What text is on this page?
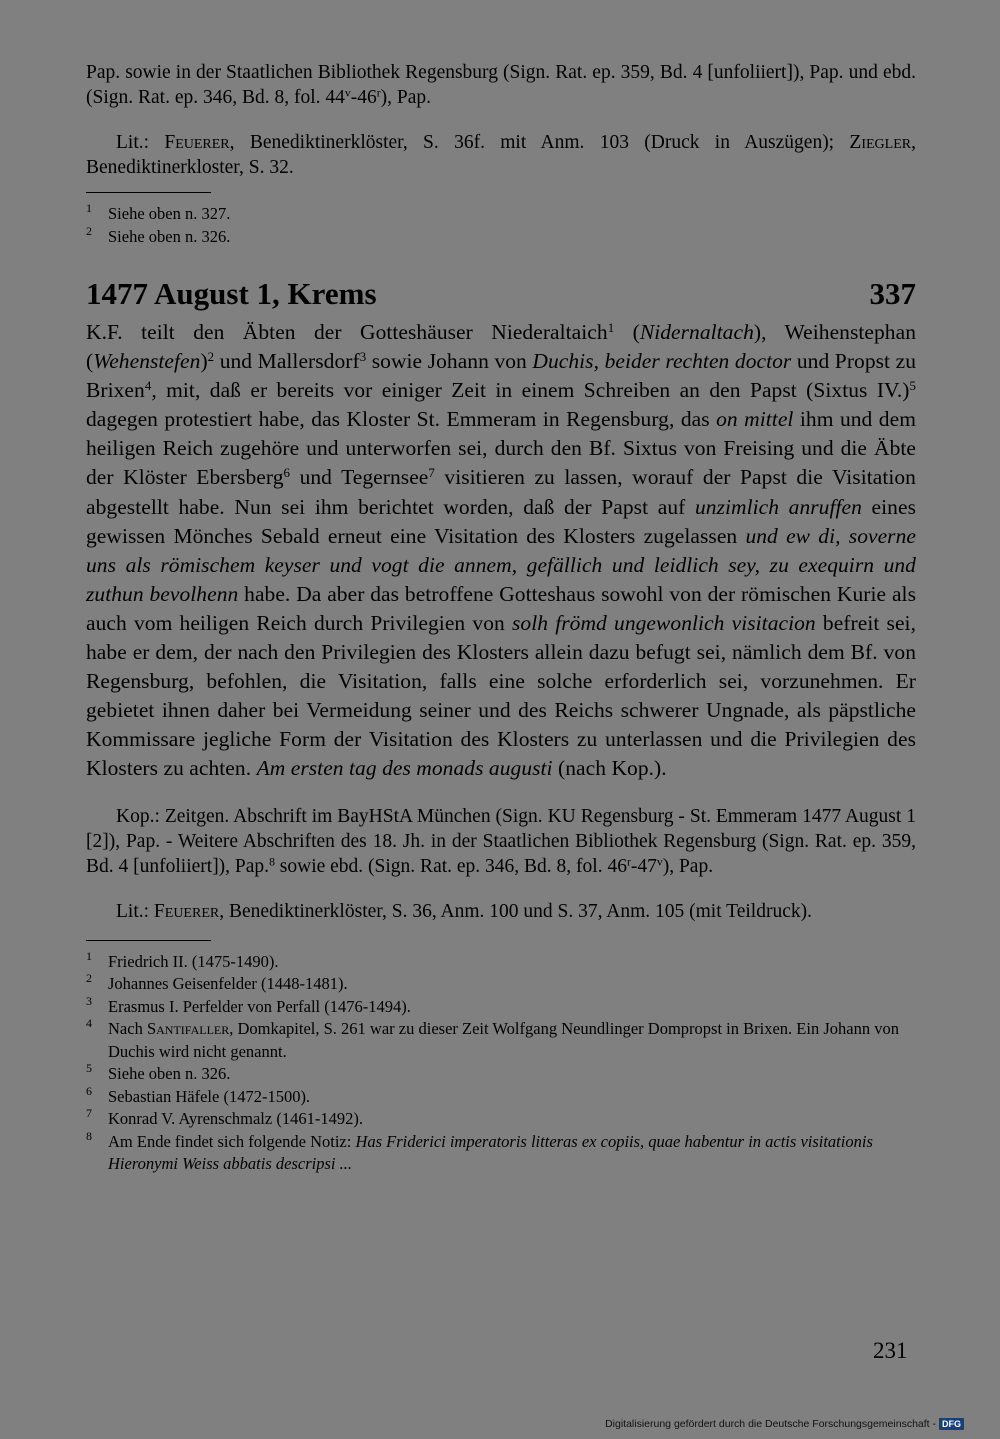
Pap. sowie in der Staatlichen Bibliothek Regensburg (Sign. Rat. ep. 359, Bd. 4 [unfoliiert]), Pap. und ebd. (Sign. Rat. ep. 346, Bd. 8, fol. 44$^v$-46$^r$), Pap.

Lit.: Feuerer, Benediktinerklöster, S. 36f. mit Anm. 103 (Druck in Auszügen); Ziegler, Benediktinerkloster, S. 32.

1 Siehe oben n. 327.

2 Siehe oben n. 326.

1477 August 1, Krems	337

K.F. teilt den Äbten der Gotteshäuser Niederaltaich$^1$ (Nidernaltach), Weihenstephan (Wehenstefen)$^2$ und Mallersdorf$^3$ sowie Johann von Duchis, beider rechten doctor und Propst zu Brixen$^4$, mit, daß er bereits vor einiger Zeit in einem Schreiben an den Papst (Sixtus IV.)$^5$ dagegen protestiert habe, das Kloster St. Emmeram in Regensburg, das on mittel ihm und dem heiligen Reich zugehöre und unterworfen sei, durch den Bf. Sixtus von Freising und die Äbte der Klöster Ebersberg$^6$ und Tegernsee$^7$ visitieren zu lassen, worauf der Papst die Visitation abgestellt habe. Nun sei ihm berichtet worden, daß der Papst auf unzimlich anruffen eines gewissen Mönches Sebald erneut eine Visitation des Klosters zugelassen und ew di, soverne uns als römischem keyser und vogt die annem, gefällich und leidlich sey, zu exequirn und zuthun bevolhenn habe. Da aber das betroffene Gotteshaus sowohl von der römischen Kurie als auch vom heiligen Reich durch Privilegien von solh frömd ungewonlich visitacion befreit sei, habe er dem, der nach den Privilegien des Klosters allein dazu befugt sei, nämlich dem Bf. von Regensburg, befohlen, die Visitation, falls eine solche erforderlich sei, vorzunehmen. Er gebietet ihnen daher bei Vermeidung seiner und des Reichs schwerer Ungnade, als päpstliche Kommissare jegliche Form der Visitation des Klosters zu unterlassen und die Privilegien des Klosters zu achten. Am ersten tag des monads augusti (nach Kop.).

Kop.: Zeitgen. Abschrift im BayHStA München (Sign. KU Regensburg - St. Emmeram 1477 August 1 [2]), Pap. - Weitere Abschriften des 18. Jh. in der Staatlichen Bibliothek Regensburg (Sign. Rat. ep. 359, Bd. 4 [unfoliiert]), Pap.$^8$ sowie ebd. (Sign. Rat. ep. 346, Bd. 8, fol. 46$^r$-47$^v$), Pap.

Lit.: Feuerer, Benediktinerklöster, S. 36, Anm. 100 und S. 37, Anm. 105 (mit Teildruck).

1 Friedrich II. (1475-1490).

2 Johannes Geisenfelder (1448-1481).

3 Erasmus I. Perfelder von Perfall (1476-1494).

4 Nach Santifaller, Domkapitel, S. 261 war zu dieser Zeit Wolfgang Neundlinger Dompropst in Brixen. Ein Johann von Duchis wird nicht genannt.

5 Siehe oben n. 326.

6 Sebastian Häfele (1472-1500).

7 Konrad V. Ayrenschmalz (1461-1492).

8 Am Ende findet sich folgende Notiz: Has Friderici imperatoris litteras ex copiis, quae habentur in actis visitationis Hieronymi Weiss abbatis descripsi ...

231
Digitalisierung gefördert durch die Deutsche Forschungsgemeinschaft - DFG
